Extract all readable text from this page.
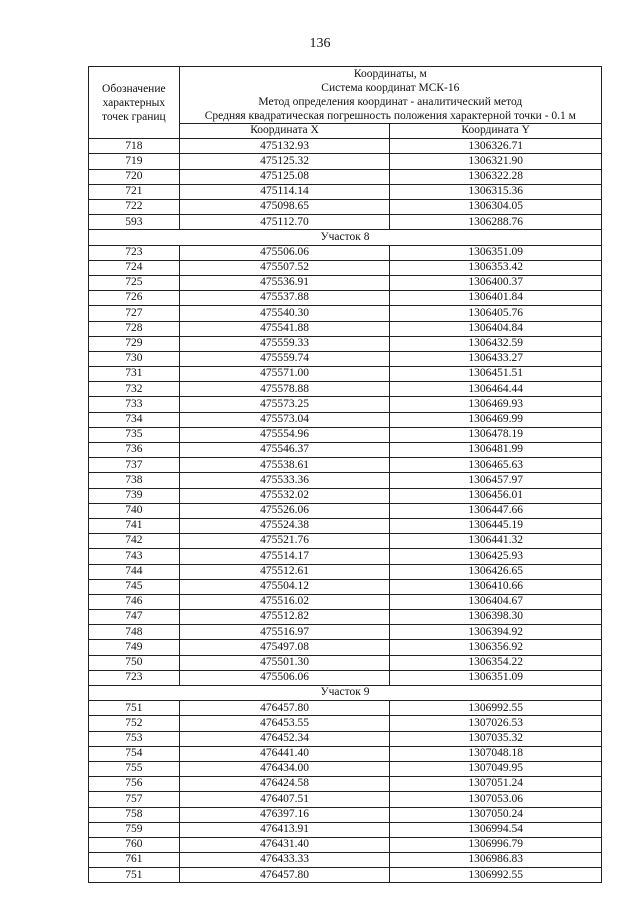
136
Обозначение
характерных
точек границ	Координаты, м
Система координат МСК-16
Метод определения координат - аналитический метод
Средняя квадратическая погрешность положения характерной точки - 0.1 м	

	Координата X	Координата Y
718	475132.93	1306326.71
719	475125.32	1306321.90
720	475125.08	1306322.28
721	475114.14	1306315.36
722	475098.65	1306304.05
593	475112.70	1306288.76
Участок 8		
723	475506.06	1306351.09
724	475507.52	1306353.42
725	475536.91	1306400.37
726	475537.88	1306401.84
727	475540.30	1306405.76
728	475541.88	1306404.84
729	475559.33	1306432.59
730	475559.74	1306433.27
731	475571.00	1306451.51
732	475578.88	1306464.44
733	475573.25	1306469.93
734	475573.04	1306469.99
735	475554.96	1306478.19
736	475546.37	1306481.99
737	475538.61	1306465.63
738	475533.36	1306457.97
739	475532.02	1306456.01
740	475526.06	1306447.66
741	475524.38	1306445.19
742	475521.76	1306441.32
743	475514.17	1306425.93
744	475512.61	1306426.65
745	475504.12	1306410.66
746	475516.02	1306404.67
747	475512.82	1306398.30
748	475516.97	1306394.92
749	475497.08	1306356.92
750	475501.30	1306354.22
723	475506.06	1306351.09
Участок 9		
751	476457.80	1306992.55
752	476453.55	1307026.53
753	476452.34	1307035.32
754	476441.40	1307048.18
755	476434.00	1307049.95
756	476424.58	1307051.24
757	476407.51	1307053.06
758	476397.16	1307050.24
759	476413.91	1306994.54
760	476431.40	1306996.79
761	476433.33	1306986.83
751	476457.80	1306992.55
